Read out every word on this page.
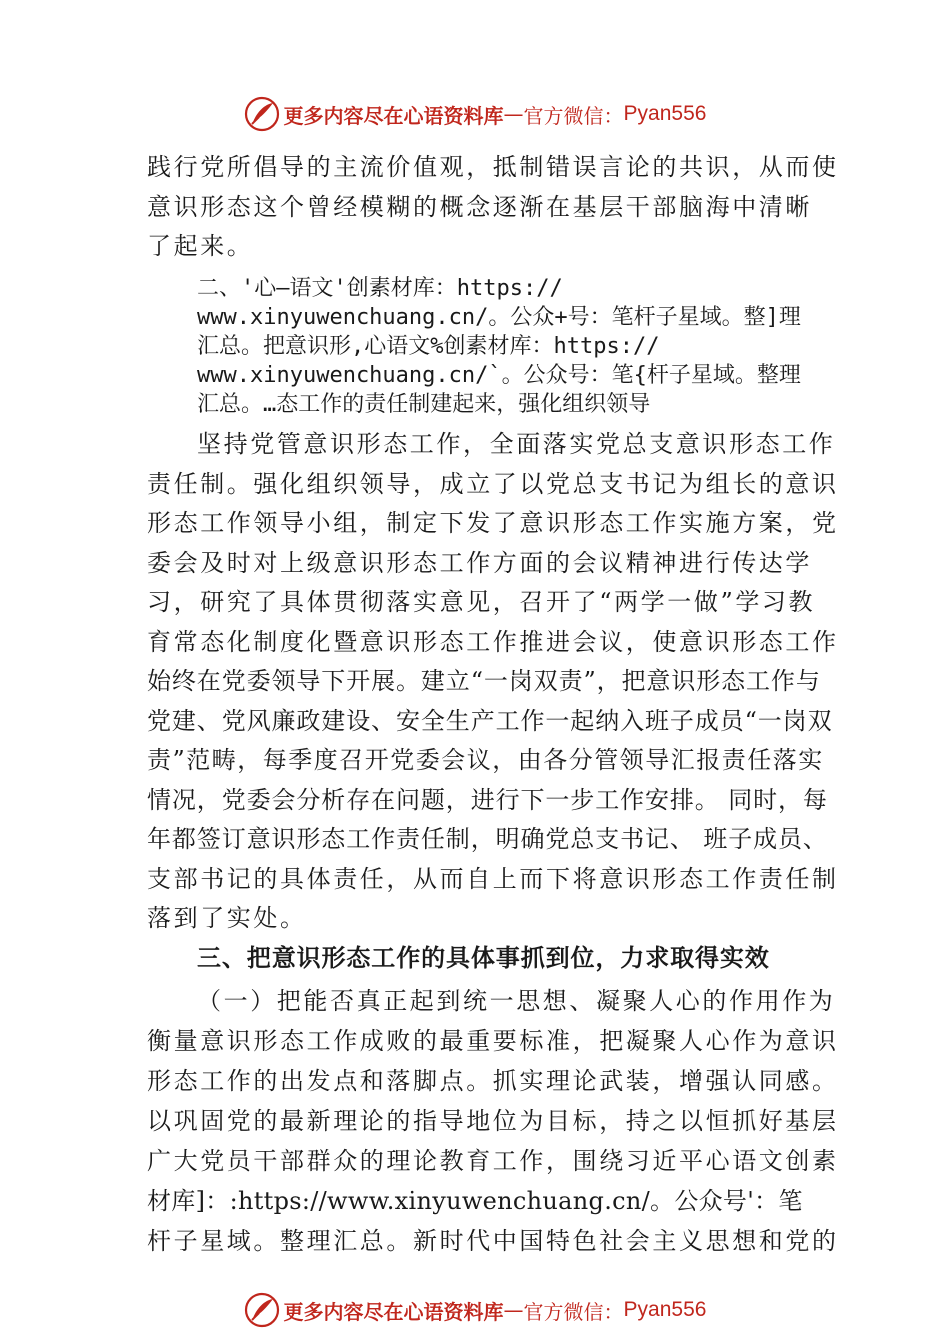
更多内容尽在心语资料库 — 官方微信： Pyan556
践行党所倡导的主流价值观，抵制错误言论的共识，从而使
意识形态这个曾经模糊的概念逐渐在基层干部脑海中清晰
了起来。
二、'心—语文'创素材库：https://
www.xinyuwenchuang.cn/。公众+号：笔杆子星域。整]理
汇总。把意识形,心语文%创素材库：https://
www.xinyuwenchuang.cn/`。公众号：笔{杆子星域。整理
汇总。…态工作的责任制建起来，强化组织领导
坚持党管意识形态工作，全面落实党总支意识形态工作
责任制。强化组织领导，成立了以党总支书记为组长的意识
形态工作领导小组，制定下发了意识形态工作实施方案，党
委会及时对上级意识形态工作方面的会议精神进行传达学
习，研究了具体贯彻落实意见，召开了“两学一做”学习教
育常态化制度化暨意识形态工作推进会议，使意识形态工作
始终在党委领导下开展。建立“一岗双责”，把意识形态工作与
党建、党风廉政建设、安全生产工作一起纳入班子成员“一岗双
责”范畴，每季度召开党委会议，由各分管领导汇报责任落实
情况，党委会分析存在问题，进行下一步工作安排。 同时，每
年都签订意识形态工作责任制，明确党总支书记、 班子成员、
支部书记的具体责任，从而自上而下将意识形态工作责任制
落到了实处。
三、把意识形态工作的具体事抓到位，力求取得实效
（一）把能否真正起到统一思想、凝聚人心的作用作为
衡量意识形态工作成败的最重要标准，把凝聚人心作为意识
形态工作的出发点和落脚点。抓实理论武装，增强认同感。
以巩固党的最新理论的指导地位为目标，持之以恒抓好基层
广大党员干部群众的理论教育工作，围绕习近平心语文创素
材库]：:https://www.xinyuwenchuang.cn/。公众号'：笔
杆子星域。整理汇总。新时代中国特色社会主义思想和党的
更多内容尽在心语资料库 — 官方微信： Pyan556
